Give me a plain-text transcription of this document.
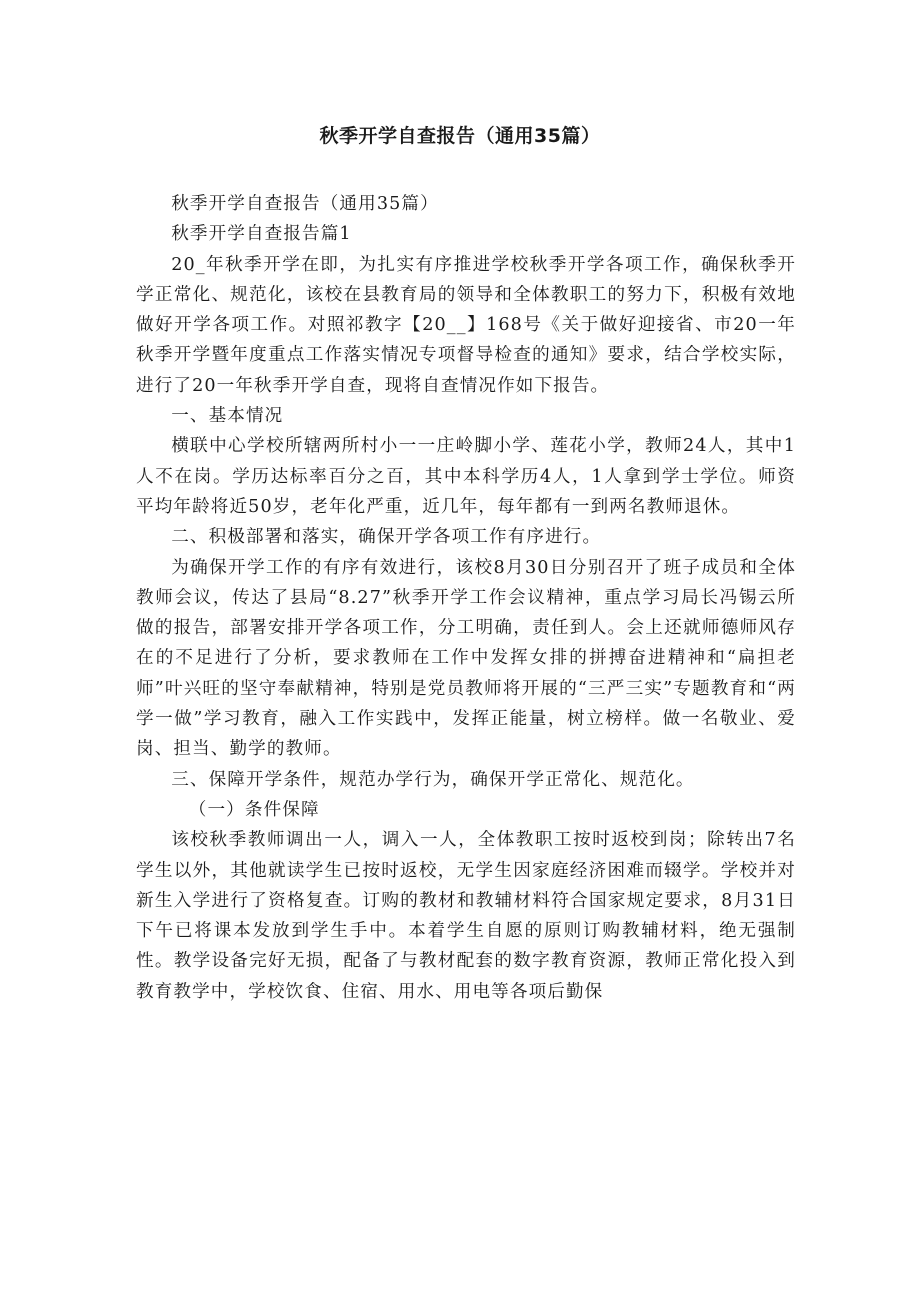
秋季开学自查报告（通用35篇）

秋季开学自查报告（通用35篇）

秋季开学自查报告篇1

20_年秋季开学在即，为扎实有序推进学校秋季开学各项工作，确保秋季开学正常化、规范化，该校在县教育局的领导和全体教职工的努力下，积极有效地做好开学各项工作。对照祁教字【20__】168号《关于做好迎接省、市20一年秋季开学暨年度重点工作落实情况专项督导检查的通知》要求，结合学校实际，进行了20一年秋季开学自查，现将自查情况作如下报告。

一、基本情况

横联中心学校所辖两所村小一一庄岭脚小学、莲花小学，教师24人，其中1人不在岗。学历达标率百分之百，其中本科学历4人，1人拿到学士学位。师资平均年龄将近50岁，老年化严重，近几年，每年都有一到两名教师退休。

二、积极部署和落实，确保开学各项工作有序进行。

为确保开学工作的有序有效进行，该校8月30日分别召开了班子成员和全体教师会议，传达了县局“8.27”秋季开学工作会议精神，重点学习局长冯锡云所做的报告，部署安排开学各项工作，分工明确，责任到人。会上还就师德师风存在的不足进行了分析，要求教师在工作中发挥女排的拼搏奋进精神和“扁担老师”叶兴旺的坚守奉献精神，特别是党员教师将开展的“三严三实”专题教育和“两学一做”学习教育，融入工作实践中，发挥正能量，树立榜样。做一名敬业、爱岗、担当、勤学的教师。

三、保障开学条件，规范办学行为，确保开学正常化、规范化。

（一）条件保障

该校秋季教师调出一人，调入一人，全体教职工按时返校到岗；除转出7名学生以外，其他就读学生已按时返校，无学生因家庭经济困难而辍学。学校并对新生入学进行了资格复查。订购的教材和教辅材料符合国家规定要求，8月31日下午已将课本发放到学生手中。本着学生自愿的原则订购教辅材料，绝无强制性。教学设备完好无损，配备了与教材配套的数字教育资源，教师正常化投入到教育教学中，学校饮食、住宿、用水、用电等各项后勤保
